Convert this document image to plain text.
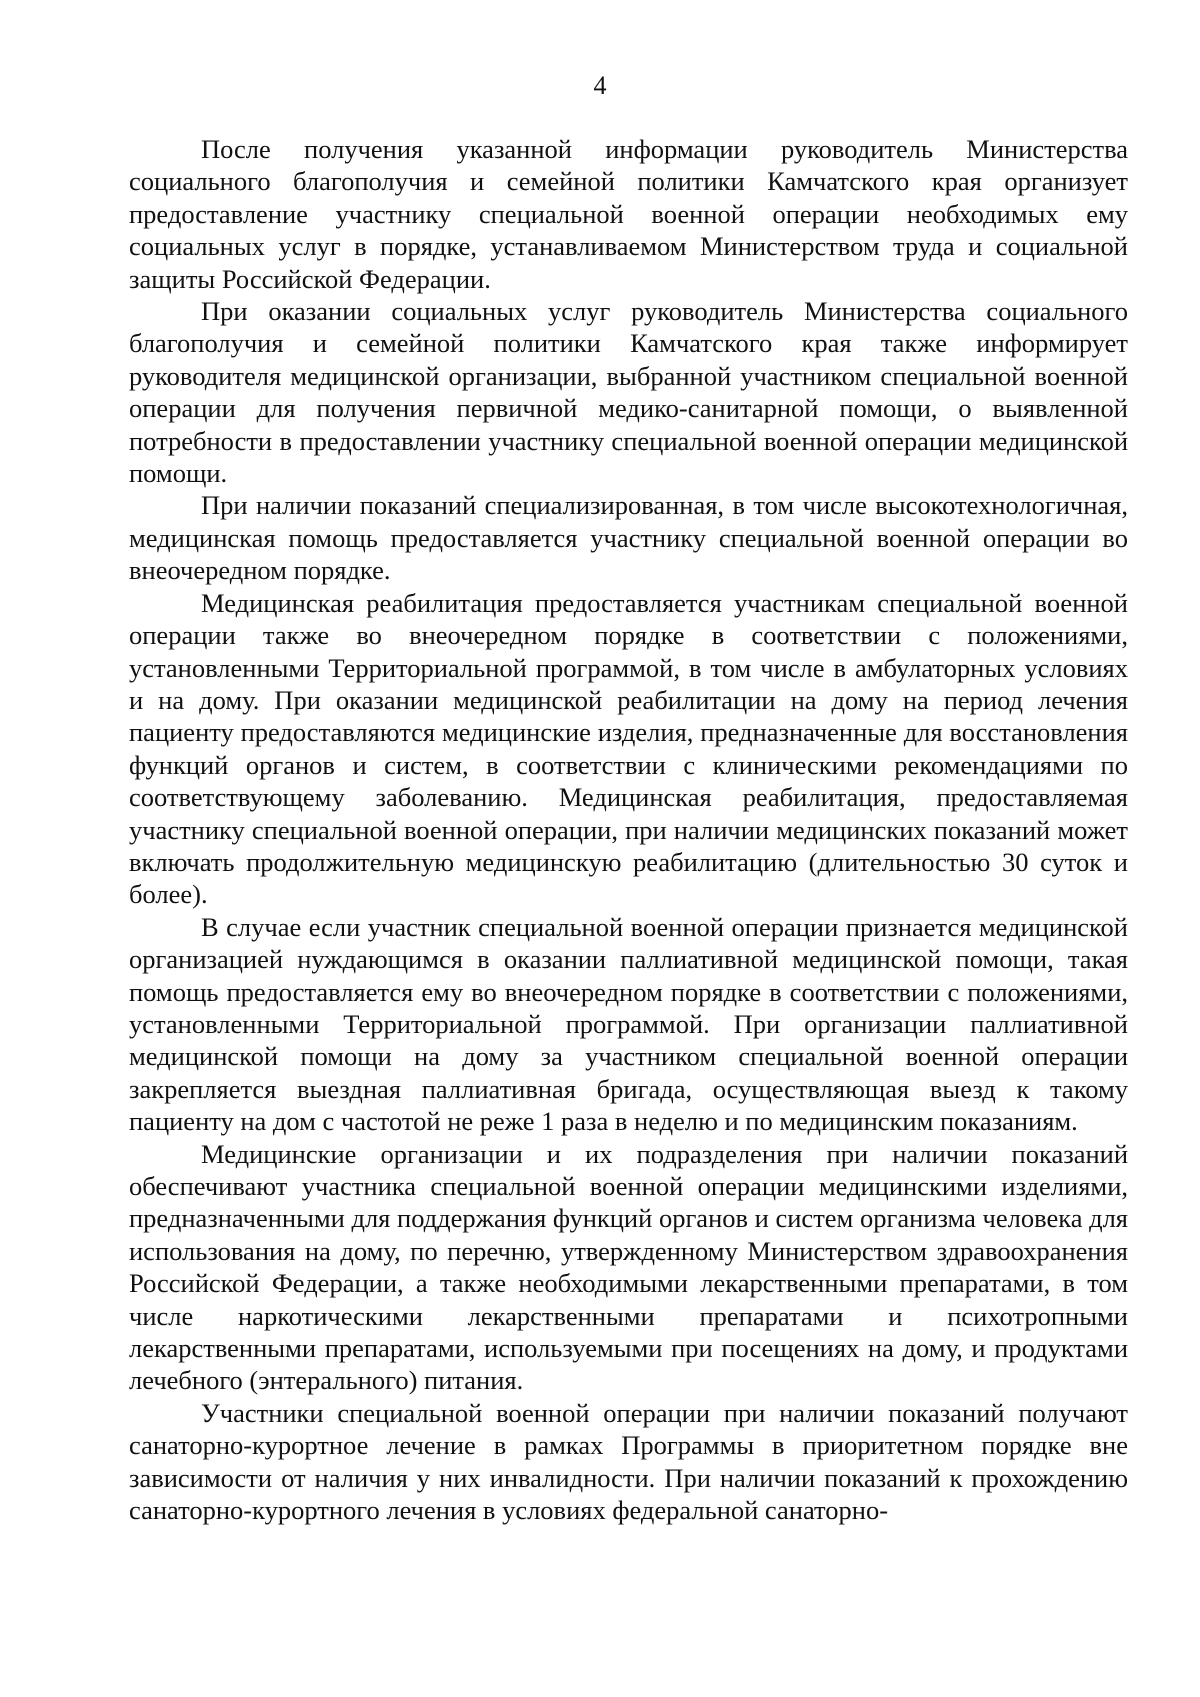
4

После получения указанной информации руководитель Министерства социального благополучия и семейной политики Камчатского края организует предоставление участнику специальной военной операции необходимых ему социальных услуг в порядке, устанавливаемом Министерством труда и социальной защиты Российской Федерации.

При оказании социальных услуг руководитель Министерства социального благополучия и семейной политики Камчатского края также информирует руководителя медицинской организации, выбранной участником специальной военной операции для получения первичной медико-санитарной помощи, о выявленной потребности в предоставлении участнику специальной военной операции медицинской помощи.

При наличии показаний специализированная, в том числе высокотехнологичная, медицинская помощь предоставляется участнику специальной военной операции во внеочередном порядке.

Медицинская реабилитация предоставляется участникам специальной военной операции также во внеочередном порядке в соответствии с положениями, установленными Территориальной программой, в том числе в амбулаторных условиях и на дому. При оказании медицинской реабилитации на дому на период лечения пациенту предоставляются медицинские изделия, предназначенные для восстановления функций органов и систем, в соответствии с клиническими рекомендациями по соответствующему заболеванию. Медицинская реабилитация, предоставляемая участнику специальной военной операции, при наличии медицинских показаний может включать продолжительную медицинскую реабилитацию (длительностью 30 суток и более).

В случае если участник специальной военной операции признается медицинской организацией нуждающимся в оказании паллиативной медицинской помощи, такая помощь предоставляется ему во внеочередном порядке в соответствии с положениями, установленными Территориальной программой. При организации паллиативной медицинской помощи на дому за участником специальной военной операции закрепляется выездная паллиативная бригада, осуществляющая выезд к такому пациенту на дом с частотой не реже 1 раза в неделю и по медицинским показаниям.

Медицинские организации и их подразделения при наличии показаний обеспечивают участника специальной военной операции медицинскими изделиями, предназначенными для поддержания функций органов и систем организма человека для использования на дому, по перечню, утвержденному Министерством здравоохранения Российской Федерации, а также необходимыми лекарственными препаратами, в том числе наркотическими лекарственными препаратами и психотропными лекарственными препаратами, используемыми при посещениях на дому, и продуктами лечебного (энтерального) питания.

Участники специальной военной операции при наличии показаний получают санаторно-курортное лечение в рамках Программы в приоритетном порядке вне зависимости от наличия у них инвалидности. При наличии показаний к прохождению санаторно-курортного лечения в условиях федеральной санаторно-
